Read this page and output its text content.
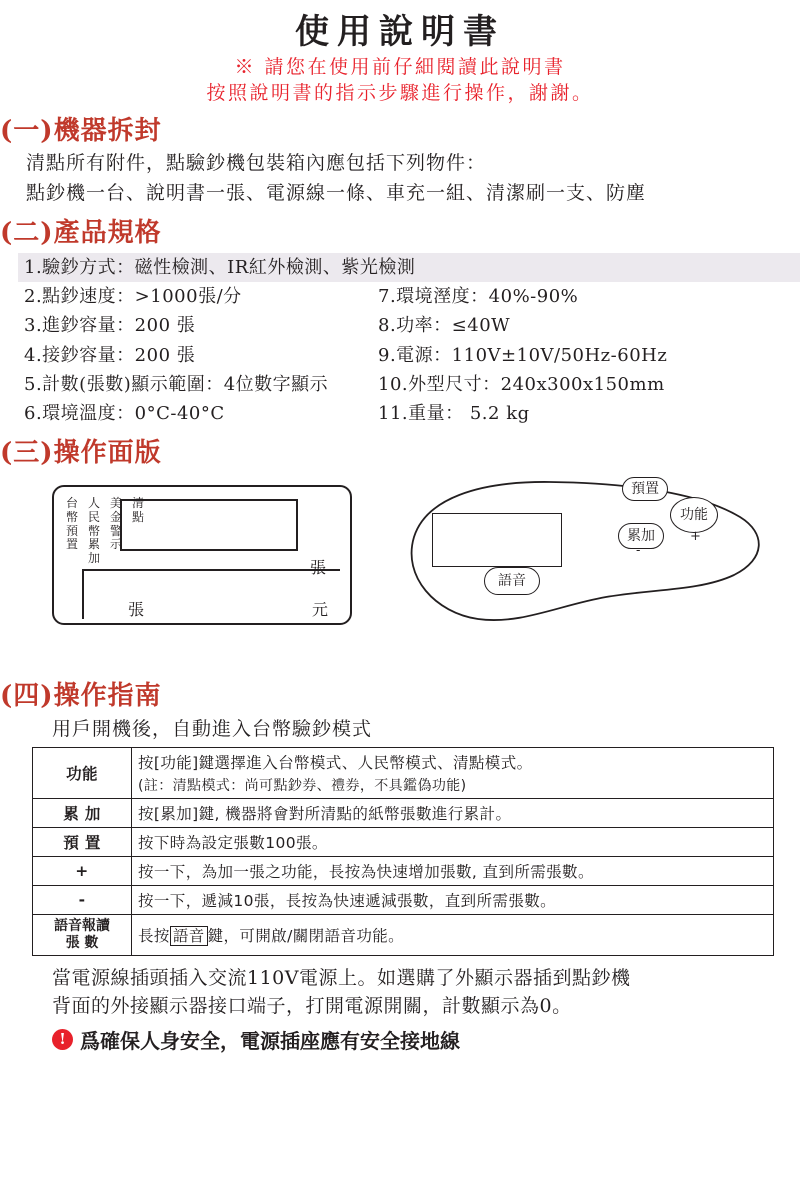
使用說明書
※ 請您在使用前仔細閱讀此說明書
按照說明書的指示步驟進行操作，謝謝。
(一)機器拆封
清點所有附件，點驗鈔機包裝箱內應包括下列物件：
點鈔機一台、說明書一張、電源線一條、車充一組、清潔刷一支、防塵
(二)產品規格
1.驗鈔方式：磁性檢測、IR紅外檢測、紫光檢測
2.點鈔速度：>1000張/分	7.環境溼度：40%-90%
3.進鈔容量：200 張	8.功率：≤40W
4.接鈔容量：200 張	9.電源：110V±10V/50Hz-60Hz
5.計數(張數)顯示範圍：4位數字顯示	10.外型尺寸：240x300x150mm
6.環境溫度：0°C-40°C	11.重量： 5.2 kg
(三)操作面版
台幣預置
人民幣累加
美金警示
清點
張
張	元
預置
功能
+
累加
-
語音
(四)操作指南
用戶開機後，自動進入台幣驗鈔模式
功能	按[功能]鍵選擇進入台幣模式、人民幣模式、清點模式。
(註：清點模式：尚可點鈔券、禮券，不具鑑偽功能)

累 加	按[累加]鍵, 機器將會對所清點的紙幣張數進行累計。
預 置	按下時為設定張數100張。
+	按一下，為加一張之功能，長按為快速增加張數, 直到所需張數。
-	按一下，遞減10張，長按為快速遞減張數，直到所需張數。

語音報讀
張 數	長按 語音 鍵，可開啟/關閉語音功能。
當電源線插頭插入交流110V電源上。如選購了外顯示器插到點鈔機
背面的外接顯示器接口端子，打開電源開關，計數顯示為0。
! 爲確保人身安全，電源插座應有安全接地線
